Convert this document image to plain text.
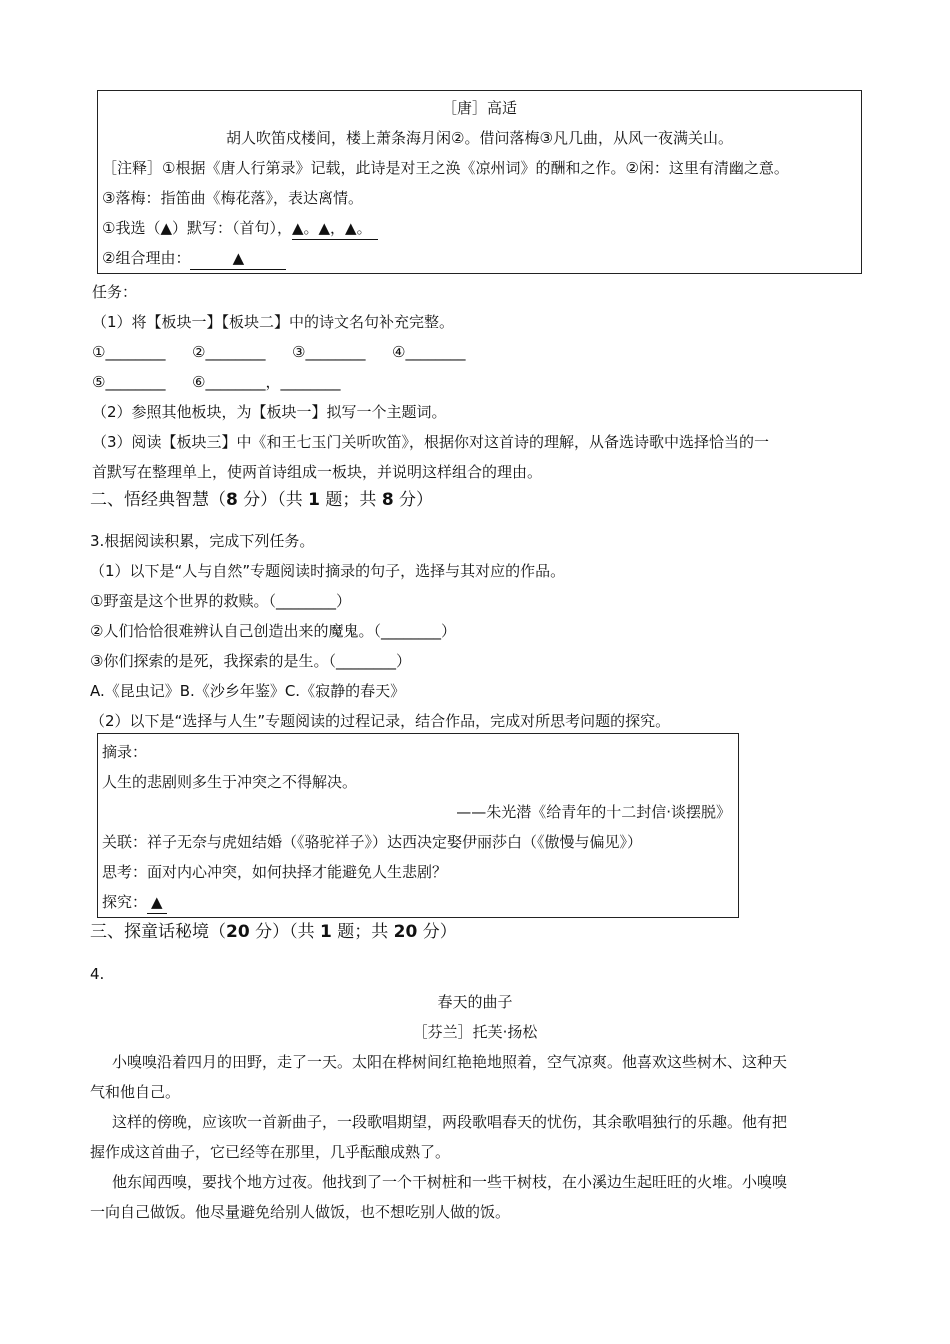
［唐］高适
胡人吹笛戍楼间，楼上萧条海月闲②。借问落梅③凡几曲，从风一夜满关山。
［注释］①根据《唐人行第录》记载，此诗是对王之涣《凉州词》的酬和之作。②闲：这里有清幽之意。
③落梅：指笛曲《梅花落》，表达离情。
①我选（▲）默写：（首句），▲。▲，▲。
②组合理由：	▲
任务：
（1）将【板块一】【板块二】中的诗文名句补充完整。
①________ ②________ ③________ ④________
⑤________ ⑥________，________
（2）参照其他板块，为【板块一】拟写一个主题词。
（3）阅读【板块三】中《和王七玉门关听吹笛》，根据你对这首诗的理解，从备选诗歌中选择恰当的一
首默写在整理单上，使两首诗组成一板块，并说明这样组合的理由。
二、悟经典智慧（8 分）（共 1 题；共 8 分）
3.根据阅读积累，完成下列任务。
（1）以下是“人与自然”专题阅读时摘录的句子，选择与其对应的作品。
①野蛮是这个世界的救赎。（________）
②人们恰恰很难辨认自己创造出来的魔鬼。（________）
③你们探索的是死，我探索的是生。（________）
A.《昆虫记》B.《沙乡年鉴》C.《寂静的春天》
（2）以下是“选择与人生”专题阅读的过程记录，结合作品，完成对所思考问题的探究。
摘录：
人生的悲剧则多生于冲突之不得解决。
——朱光潜《给青年的十二封信·谈摆脱》
关联：祥子无奈与虎妞结婚（《骆驼祥子》）达西决定娶伊丽莎白（《傲慢与偏见》）
思考：面对内心冲突，如何抉择才能避免人生悲剧？
探究： ▲
三、探童话秘境（20 分）（共 1 题；共 20 分）
4.
春天的曲子
［芬兰］托芙·扬松
小嗅嗅沿着四月的田野，走了一天。太阳在桦树间红艳艳地照着，空气凉爽。他喜欢这些树木、这种天
气和他自己。
这样的傍晚，应该吹一首新曲子，一段歌唱期望，两段歌唱春天的忧伤，其余歌唱独行的乐趣。他有把
握作成这首曲子，它已经等在那里，几乎酝酿成熟了。
他东闻西嗅，要找个地方过夜。他找到了一个干树桩和一些干树枝，在小溪边生起旺旺的火堆。小嗅嗅
一向自己做饭。他尽量避免给别人做饭，也不想吃别人做的饭。
